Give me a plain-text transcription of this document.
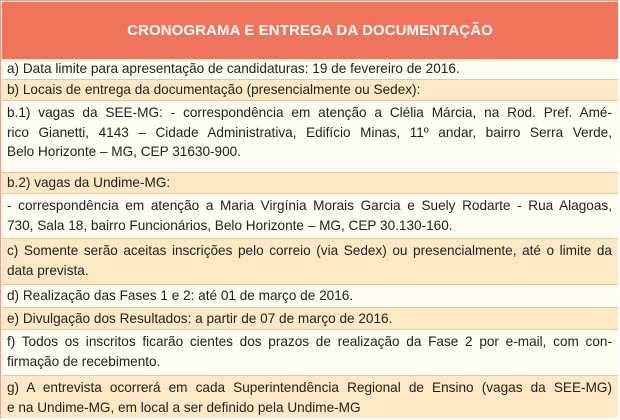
CRONOGRAMA E ENTREGA DA DOCUMENTAÇÃO

a) Data limite para apresentação de candidaturas: 19 de fevereiro de 2016.

b) Locais de entrega da documentação (presencialmente ou Sedex):

b.1) vagas da SEE-MG: - correspondência em atenção a Clélia Márcia, na Rod. Pref. Amé-

rico Gianetti, 4143 – Cidade Administrativa, Edifício Minas, 11º andar, bairro Serra Verde,

Belo Horizonte – MG, CEP 31630-900.

b.2) vagas da Undime-MG:

- correspondência em atenção a Maria Virgínia Morais Garcia e Suely Rodarte - Rua Alagoas,

730, Sala 18, bairro Funcionários, Belo Horizonte – MG, CEP 30.130-160.

c) Somente serão aceitas inscrições pelo correio (via Sedex) ou presencialmente, até o limite da

data prevista.

d) Realização das Fases 1 e 2: até 01 de março de 2016.

e) Divulgação dos Resultados: a partir de 07 de março de 2016.

f) Todos os inscritos ficarão cientes dos prazos de realização da Fase 2 por e-mail, com con-

firmação de recebimento.

g) A entrevista ocorrerá em cada Superintendência Regional de Ensino (vagas da SEE-MG)

e na Undime-MG, em local a ser definido pela Undime-MG
